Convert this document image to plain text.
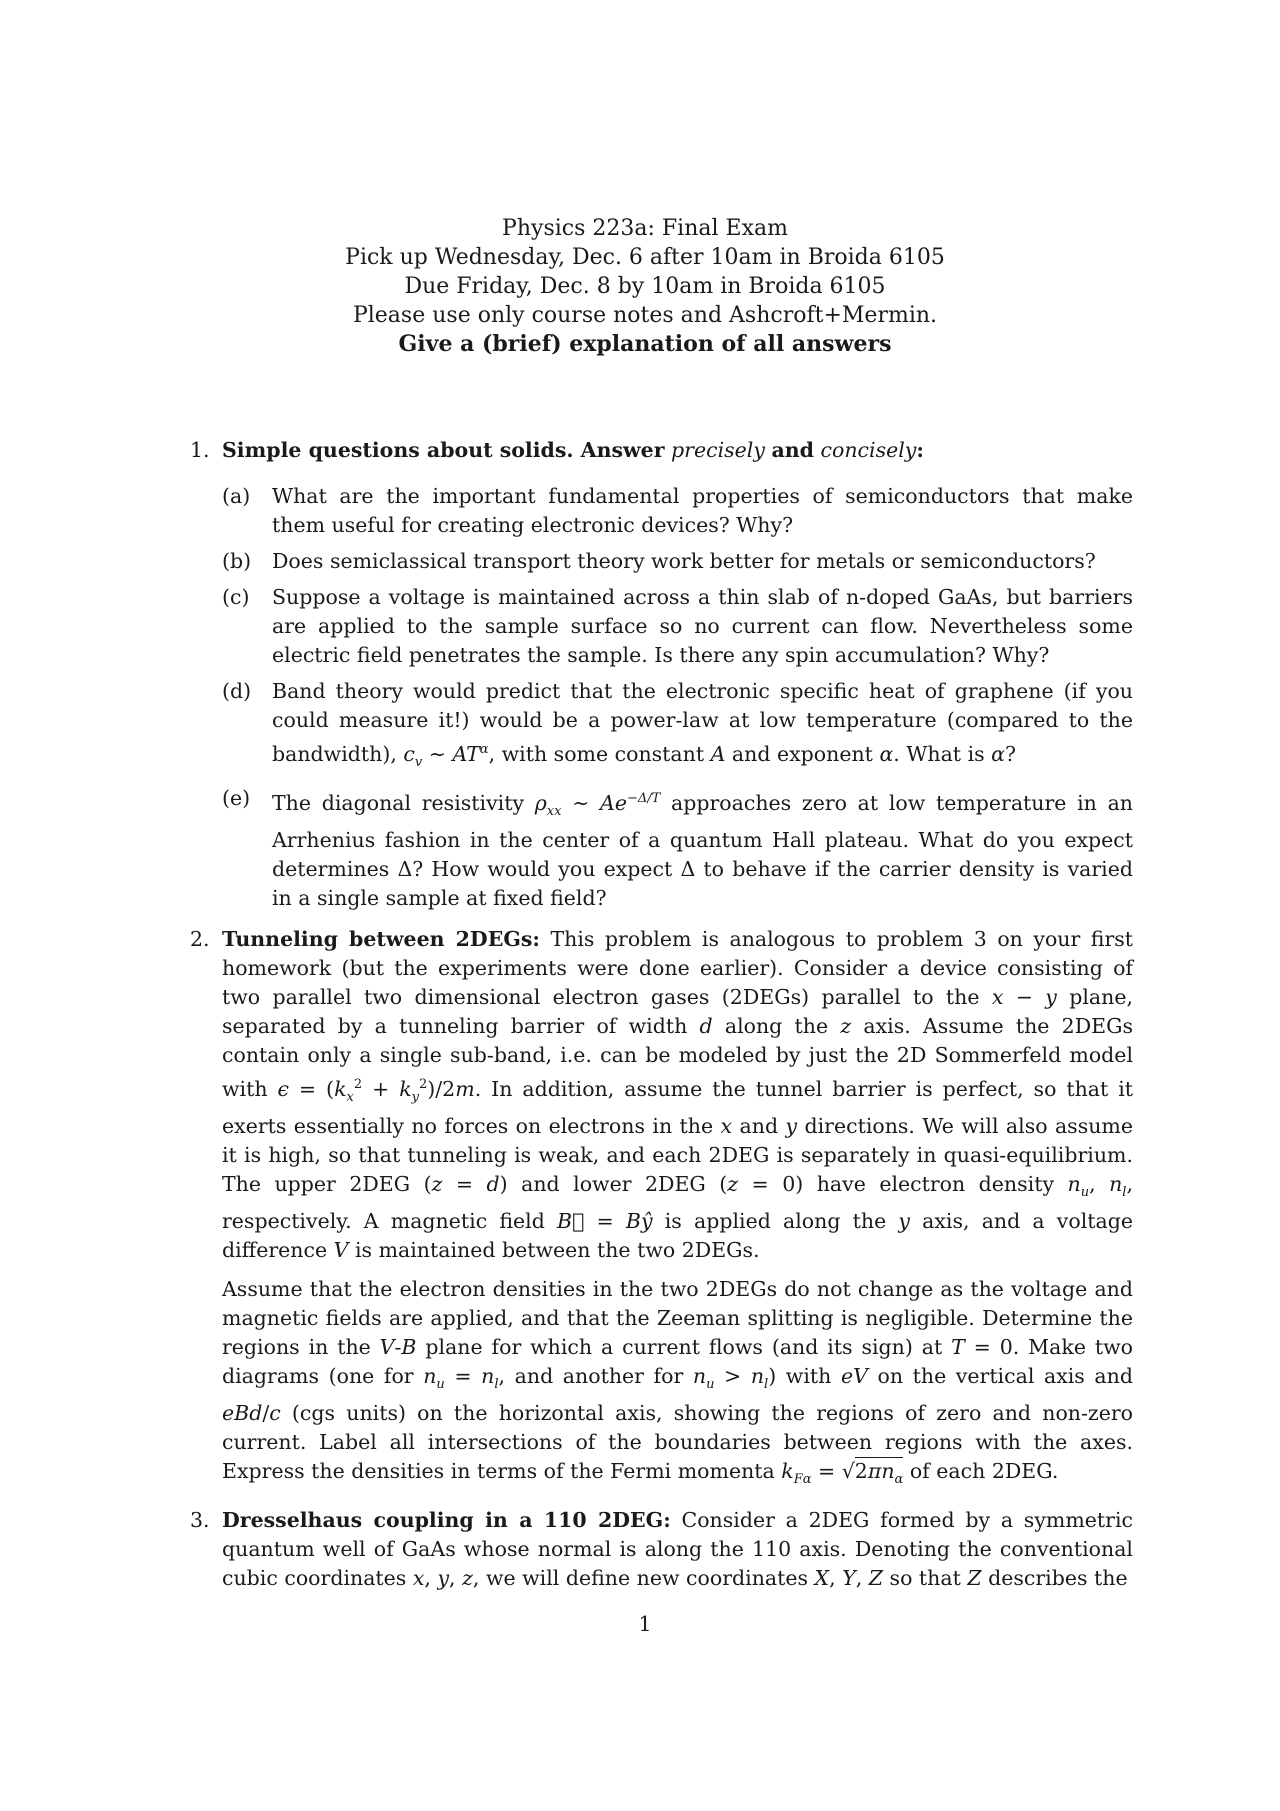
Physics 223a: Final Exam
Pick up Wednesday, Dec. 6 after 10am in Broida 6105
Due Friday, Dec. 8 by 10am in Broida 6105
Please use only course notes and Ashcroft+Mermin.
Give a (brief) explanation of all answers
1. Simple questions about solids. Answer precisely and concisely:
(a) What are the important fundamental properties of semiconductors that make them useful for creating electronic devices? Why?
(b) Does semiclassical transport theory work better for metals or semiconductors?
(c) Suppose a voltage is maintained across a thin slab of n-doped GaAs, but barriers are applied to the sample surface so no current can flow. Nevertheless some electric field penetrates the sample. Is there any spin accumulation? Why?
(d) Band theory would predict that the electronic specific heat of graphene (if you could measure it!) would be a power-law at low temperature (compared to the bandwidth), $c_v$ ∼ $AT^\alpha$, with some constant A and exponent α. What is α?
(e) The diagonal resistivity $\rho_{xx}$ ∼ $Ae^{-\Delta/T}$ approaches zero at low temperature in an Arrhenius fashion in the center of a quantum Hall plateau. What do you expect determines Δ? How would you expect Δ to behave if the carrier density is varied in a single sample at fixed field?
2. Tunneling between 2DEGs: This problem is analogous to problem 3 on your first homework (but the experiments were done earlier). Consider a device consisting of two parallel two dimensional electron gases (2DEGs) parallel to the x − y plane, separated by a tunneling barrier of width d along the z axis. Assume the 2DEGs contain only a single sub-band, i.e. can be modeled by just the 2D Sommerfeld model with $\epsilon = (k_x^2 + k_y^2)/2m$. In addition, assume the tunnel barrier is perfect, so that it exerts essentially no forces on electrons in the x and y directions. We will also assume it is high, so that tunneling is weak, and each 2DEG is separately in quasi-equilibrium. The upper 2DEG (z = d) and lower 2DEG (z = 0) have electron density $n_u$, $n_l$, respectively. A magnetic field B⃗ = Bŷ is applied along the y axis, and a voltage difference V is maintained between the two 2DEGs.
Assume that the electron densities in the two 2DEGs do not change as the voltage and magnetic fields are applied, and that the Zeeman splitting is negligible. Determine the regions in the V-B plane for which a current flows (and its sign) at T = 0. Make two diagrams (one for $n_u = n_l$, and another for $n_u > n_l$) with eV on the vertical axis and eBd/c (cgs units) on the horizontal axis, showing the regions of zero and non-zero current. Label all intersections of the boundaries between regions with the axes. Express the densities in terms of the Fermi momenta $k_{F\alpha} = √2\pi n_\alpha$ of each 2DEG.
3. Dresselhaus coupling in a 110 2DEG: Consider a 2DEG formed by a symmetric quantum well of GaAs whose normal is along the 110 axis. Denoting the conventional cubic coordinates x, y, z, we will define new coordinates X, Y, Z so that Z describes the
1
